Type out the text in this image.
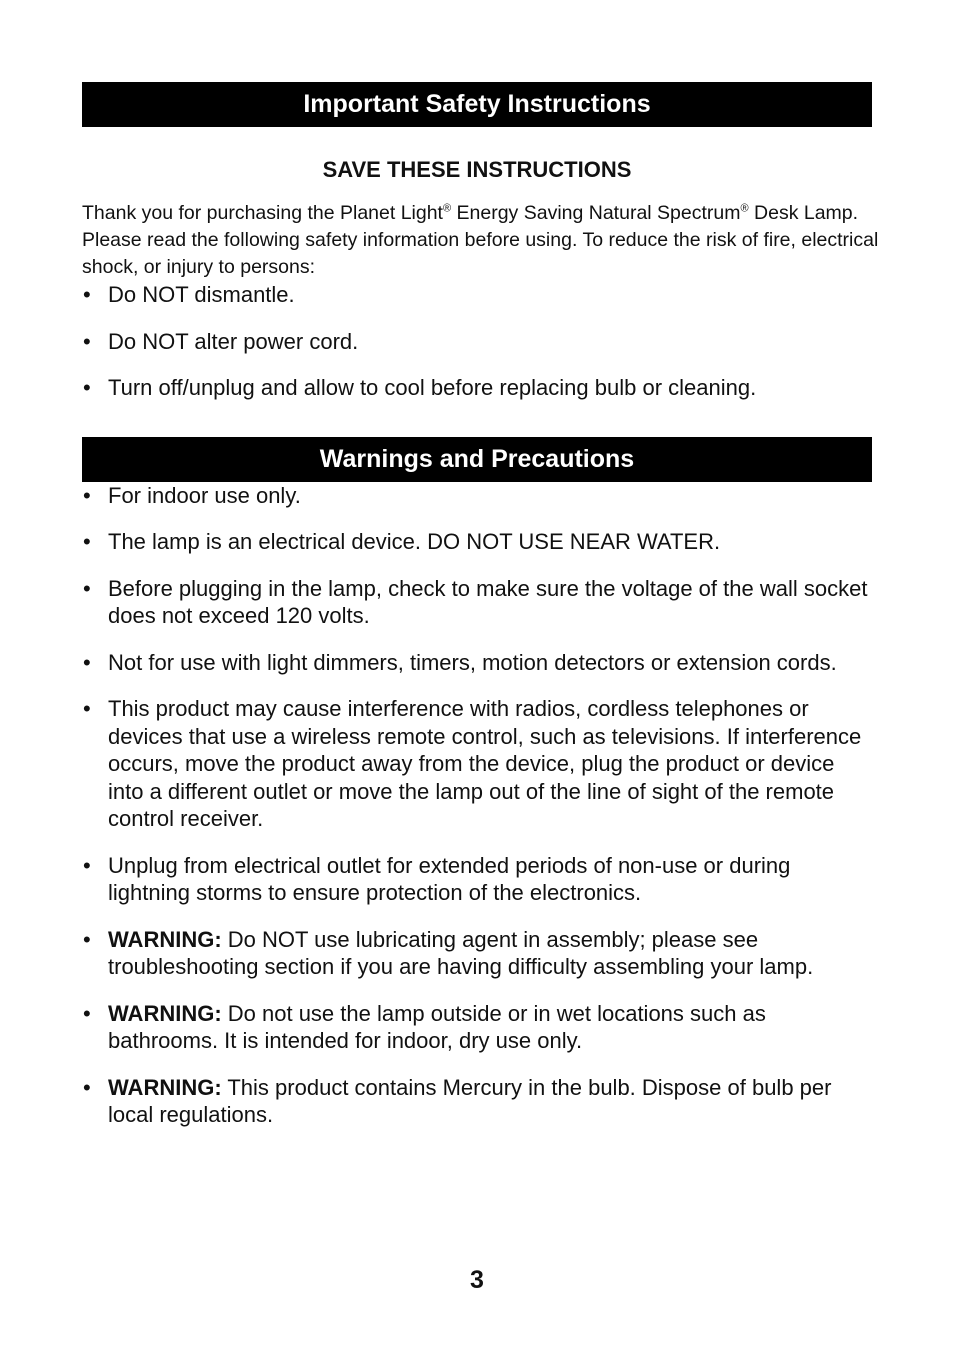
Important Safety Instructions
SAVE THESE INSTRUCTIONS

Thank you for purchasing the Planet Light® Energy Saving Natural Spectrum® Desk Lamp. Please read the following safety information before using. To reduce the risk of fire, electrical shock, or injury to persons:

• Do NOT dismantle.
• Do NOT alter power cord.
• Turn off/unplug and allow to cool before replacing bulb or cleaning.
Warnings and Precautions
• For indoor use only.
• The lamp is an electrical device. DO NOT USE NEAR WATER.
• Before plugging in the lamp, check to make sure the voltage of the wall socket does not exceed 120 volts.
• Not for use with light dimmers, timers, motion detectors or extension cords.
• This product may cause interference with radios, cordless telephones or devices that use a wireless remote control, such as televisions. If interference occurs, move the product away from the device, plug the product or device into a different outlet or move the lamp out of the line of sight of the remote control receiver.
• Unplug from electrical outlet for extended periods of non-use or during lightning storms to ensure protection of the electronics.
• WARNING: Do NOT use lubricating agent in assembly; please see troubleshooting section if you are having difficulty assembling your lamp.
• WARNING: Do not use the lamp outside or in wet locations such as bathrooms. It is intended for indoor, dry use only.
• WARNING: This product contains Mercury in the bulb. Dispose of bulb per local regulations.
3
